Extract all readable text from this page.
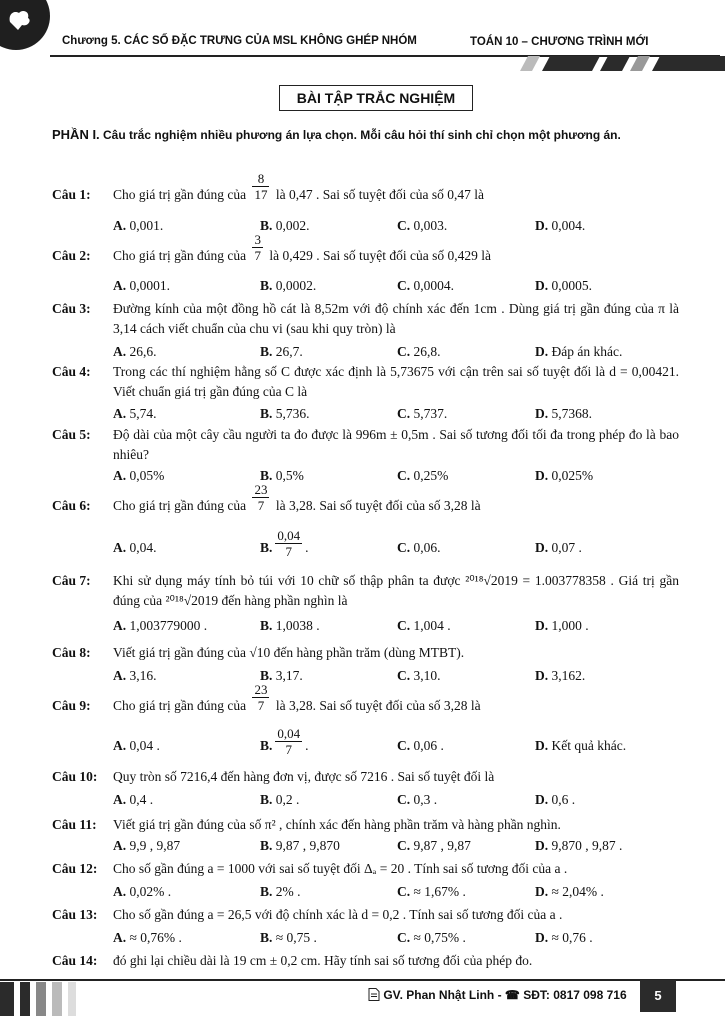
Chương 5. CÁC SỐ ĐẶC TRƯNG CỦA MSL KHÔNG GHÉP NHÓM	TOÁN 10 – CHƯƠNG TRÌNH MỚI
BÀI TẬP TRẮC NGHIỆM
PHẦN I. Câu trắc nghiệm nhiều phương án lựa chọn. Mỗi câu hỏi thí sinh chỉ chọn một phương án.
Câu 1: Cho giá trị gần đúng của $\frac{8}{17}$ là 0,47 . Sai số tuyệt đối của số 0,47 là
A. 0,001.	B. 0,002.	C. 0,003.	D. 0,004.
Câu 2: Cho giá trị gần đúng của $\frac{3}{7}$ là 0,429 . Sai số tuyệt đối của số 0,429 là
A. 0,0001.	B. 0,0002.	C. 0,0004.	D. 0,0005.
Câu 3: Đường kính của một đồng hồ cát là 8,52m với độ chính xác đến 1cm . Dùng giá trị gần đúng của π là 3,14 cách viết chuẩn của chu vi (sau khi quy tròn) là
A. 26,6.	B. 26,7.	C. 26,8.	D. Đáp án khác.
Câu 4: Trong các thí nghiệm hằng số C được xác định là 5,73675 với cận trên sai số tuyệt đối là d = 0,00421. Viết chuẩn giá trị gần đúng của C là
A. 5,74.	B. 5,736.	C. 5,737.	D. 5,7368.
Câu 5: Độ dài của một cây cầu người ta đo được là 996m ± 0,5m . Sai số tương đối tối đa trong phép đo là bao nhiêu?
A. 0,05%	B. 0,5%	C. 0,25%	D. 0,025%
Câu 6: Cho giá trị gần đúng của $\frac{23}{7}$ là 3,28. Sai số tuyệt đối của số 3,28 là
A. 0,04.	B. $\frac{0,04}{7}$ .	C. 0,06.	D. 0,07 .
Câu 7: Khi sử dụng máy tính bỏ túi với 10 chữ số thập phân ta được ²⁰¹⁸√2019 = 1.003778358 . Giá trị gần đúng của ²⁰¹⁸√2019 đến hàng phần nghìn là
A. 1,003779000 .	B. 1,0038 .	C. 1,004 .	D. 1,000 .
Câu 8: Viết giá trị gần đúng của √10 đến hàng phần trăm (dùng MTBT).
A. 3,16.	B. 3,17.	C. 3,10.	D. 3,162.
Câu 9: Cho giá trị gần đúng của $\frac{23}{7}$ là 3,28. Sai số tuyệt đối của số 3,28 là
A. 0,04 .	B. $\frac{0,04}{7}$ .	C. 0,06 .	D. Kết quả khác.
Câu 10: Quy tròn số 7216,4 đến hàng đơn vị, được số 7216 . Sai số tuyệt đối là
A. 0,4 .	B. 0,2 .	C. 0,3 .	D. 0,6 .
Câu 11: Viết giá trị gần đúng của số π² , chính xác đến hàng phần trăm và hàng phần nghìn.
A. 9,9 , 9,87	B. 9,87 , 9,870	C. 9,87 , 9,87	D. 9,870 , 9,87 .
Câu 12: Cho số gần đúng a = 1000 với sai số tuyệt đối Δₐ = 20 . Tính sai số tương đối của a .
A. 0,02% .	B. 2% .	C. ≈ 1,67% .	D. ≈ 2,04% .
Câu 13: Cho số gần đúng a = 26,5 với độ chính xác là d = 0,2 . Tính sai số tương đối của a .
A. ≈ 0,76% .	B. ≈ 0,75 .	C. ≈ 0,75% .	D. ≈ 0,76 .
Câu 14: đó ghi lại chiều dài là 19 cm ± 0,2 cm. Hãy tính sai số tương đối của phép đo.
GV. Phan Nhật Linh - ☎ SĐT: 0817 098 716	5
